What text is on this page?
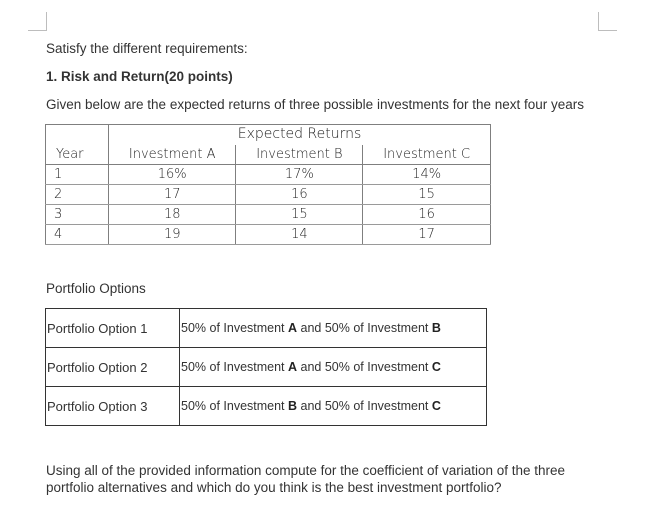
Satisfy the different requirements:
1. Risk and Return(20 points)
Given below are the expected returns of three possible investments for the next four years
	Expected Returns		
Year	Investment A	Investment B	Investment C
1	16%	17%	14%
2	17	16	15
3	18	15	16
4	19	14	17
Portfolio Options
Portfolio Option 1	50% of Investment A and 50% of Investment B
Portfolio Option 2	50% of Investment A and 50% of Investment C
Portfolio Option 3	50% of Investment B and 50% of Investment C
Using all of the provided information compute for the coefficient of variation of the three portfolio alternatives and which do you think is the best investment portfolio?
